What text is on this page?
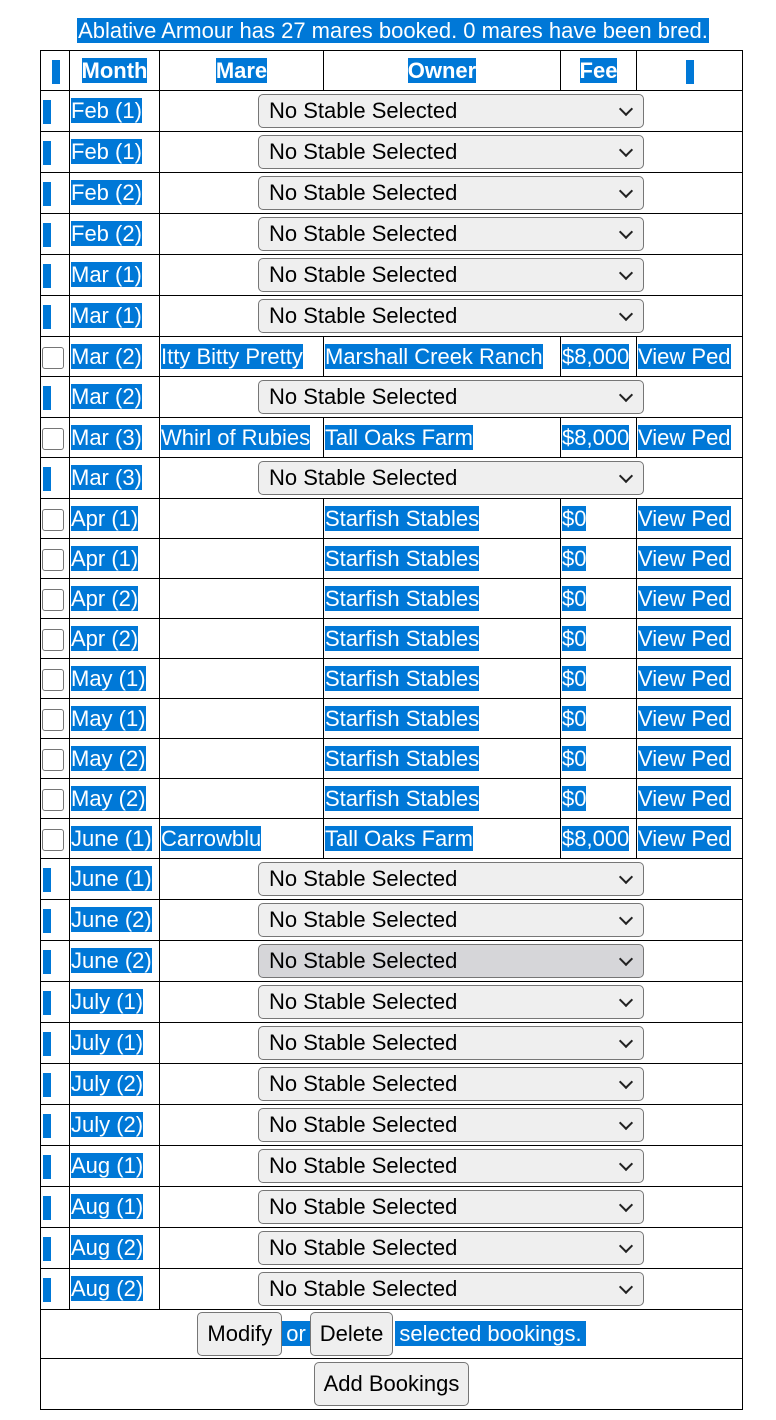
Ablative Armour has 27 mares booked. 0 mares have been bred.
	Month	Mare	Owner	Fee	
	Feb (1)	No Stable Selected			

	Feb (1)	No Stable Selected			

	Feb (2)	No Stable Selected			

	Feb (2)	No Stable Selected			

	Mar (1)	No Stable Selected			

	Mar (1)	No Stable Selected			

	Mar (2)	Itty Bitty Pretty	Marshall Creek Ranch	$8,000	View Ped
	Mar (2)	No Stable Selected			

	Mar (3)	Whirl of Rubies	Tall Oaks Farm	$8,000	View Ped
	Mar (3)	No Stable Selected			

	Apr (1)		Starfish Stables	$0	View Ped
	Apr (1)		Starfish Stables	$0	View Ped
	Apr (2)		Starfish Stables	$0	View Ped
	Apr (2)		Starfish Stables	$0	View Ped
	May (1)		Starfish Stables	$0	View Ped
	May (1)		Starfish Stables	$0	View Ped
	May (2)		Starfish Stables	$0	View Ped
	May (2)		Starfish Stables	$0	View Ped
	June (1)	Carrowblu	Tall Oaks Farm	$8,000	View Ped
	June (1)	No Stable Selected			

	June (2)	No Stable Selected			

	June (2)	No Stable Selected			

	July (1)	No Stable Selected			

	July (1)	No Stable Selected			

	July (2)	No Stable Selected			

	July (2)	No Stable Selected			

	Aug (1)	No Stable Selected			

	Aug (1)	No Stable Selected			

	Aug (2)	No Stable Selected			

	Aug (2)	No Stable Selected			

Modify or Delete selected bookings.					
Add Bookings					
